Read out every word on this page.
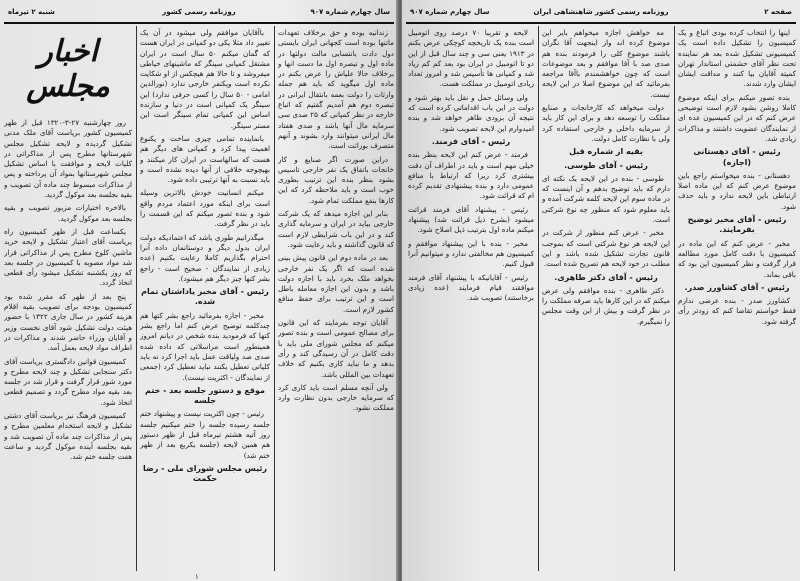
سال چهارم شماره ۹۰۷
روزنامه رسمی کشور
شنبه ۲ تیرماه
اخبار مجلس

روز چهارشنبه ۲۷-۳-۱۳۲۰ قبل از ظهر کمیسیون کشور بریاست آقای ملک مدنی تشکیل گردیده و لایحه تشکیل مجلس شهرستانها مطرح پس از مذاکراتی در کلیات لایحه و موافقت با اساس تشکیل مجلس شهرستانها بمواد آن پرداخته و پس از مذاکرات مبسوط چند ماده آن تصویب و بقیه بجلسه بعد موکول گردید.

بالاخره اختیارات مزبور تصویب و بقیه بجلسه بعد موکول گردید.

یکساعت قبل از ظهر کمیسیون راه بریاست آقای اعتبار تشکیل و لایحه خرید ماشین کلوخ مطرح پس از مذاکراتی قرار شد مواد مصوبه با کمیسیون در جلسه بعد که روز یکشنبه تشکیل میشود رأی قطعی اتخاذ گردد.

پنج بعد از ظهر که مقرر شده بود کمیسیون بودجه برای تصویب بقیه اقلام هزینه کشور در سال جاری ۱۳۲۲ با حضور هیئت دولت تشکیل شود آقای نخست وزیر و آقایان وزراء حاضر شدند و مذاکرات در اطراف مواد لایحه بعمل آمد.

کمیسیون قوانین دادگستری بریاست آقای دکتر سنجابی تشکیل و چند لایحه مطرح و مورد شور قرار گرفت و قرار شد در جلسه بعد بقیه مواد مطرح گردد و تصمیم قطعی اتخاذ شود.

کمیسیون فرهنگ نیز بریاست آقای دشتی تشکیل و لایحه استخدام معلمین مطرح و پس از مذاکرات چند ماده آن تصویب شد و بقیه بجلسه آینده موکول گردید و ساعت هفت جلسه ختم شد.

باآقایان موافقم ولی میشود در آن یک تغییر داد مثلا یکی دو کمپانی در ایران هست که گمان میکنم ۵۰ سال است در ایران مشتغل کمپانی سینگر که ماشینهای خیاطی میفروشد و تا حالا هم هیچکس از او شکایت نکرده است ویکنفر خارجی ندارد (نورالدین امامی - ۵۰ سال را کسی حرفی ندارد) این سینگر یک کمپانی است در دنیا و سازنده اساس این کمپانی تمام سینگر است این مستر سینگر.

بانماینده تمامی چیزی ساخت و یکنوع اهمیت پیدا کرد و کمپانی های دیگر هم هست که سالهاست در ایران کار میکنند و بهیچوجه خلافی از آنها دیده نشده است و باید نسبت به آنها ترتیبی داده شود.

میکنم انسانیت خودش بالاترین وسیله است برای اینکه مورد اعتماد مردم واقع شود و بنده تصور میکنم که این قسمت را باید در نظر گرفت.

میگذرانیم طوری باشد که اعتمادیکه دولت ایران بدول دیگر و دوستانمان داده آنرا احترام بگذاریم کاملا رعایت بکنیم (عده زیادی از نمایندگان - صحیح است - راجع بشر کتها چیز دیگر هم میشود).

رئیس - آقای مخبر یاداشتان تمام شده.

مخبر - اجازه بفرمائید راجع بشر کتها هم چندکلمه توضیح عرض کنم اما راجع بشر کتها که فرمودید بنده شخص در دیانم امروز همینطور است مراسلاتی که داده شده صدی صد ولیاقت عمل باید اجرا کرد نه باید کلیاتی تعطیل بکنند نباید تعطیل کرد (جمعی از نمایندگان - اکثریت نیست).

موقع و دستور جلسه بعد - ختم جلسه

رئیس - چون اکثریت نیست و پیشنهاد ختم جلسه رسیده جلسه را ختم میکنیم جلسه روز آتیه هشتم تیرماه قبل از ظهر دستور هم همین لایحه (جلسه یکربع بعد از ظهر ختم شد)

رئیس مجلس شورای ملی - رضا حکمت

زندانیه بوده و حق برخلاف تعهدات ماتنها بوده است کجهانی ایران بایستی دول دادت بانتسابی مالت دولتها در ماده اول و تبصره اول ما دست انها و برخلاف حالا علیاش را عرض بکنم در ماده اول میگوید که باید هم جمله وارثات را دولت بعمه بانتقال ایرانی در تبصره دوم هم آمدیم گفتیم که اتباع خارجه در نظر کمپانی که ۲۵ صدی سی سرمایه مال آنها باشد و صدی هفتاد مال ایرانی میتوانند وارد بشوند و آنهم متصرف بوراثت است.

دراین صورت اگر صنایع و کار خانجات باتفاق یک نفر خارجی تاسیس بشود بنظر بنده این ترتیب بطوری خوب است و باید ملاحظه کرد که این کارها بنفع مملکت تمام شود.

بنابر این اجازه میدهد که یک شرکت خارجی بیاید در ایران و سرمایه گذاری کند و در این باب شرایطی لازم است که قانون گذاشته و باید رعایت شود.

بعد در ماده دوم این قانون پیش بینی شده است که اگر یک نفر خارجی بخواهد ملک بخرد باید با اجازه دولت باشد و بدون این اجازه معامله باطل است و این ترتیب برای حفظ منافع کشور لازم است.

آقایان توجه بفرمایند که این قانون برای مصالح عمومی است و بنده تصور میکنم که مجلس شورای ملی باید با دقت کامل در آن رسیدگی کند و رأی بدهد و ما نباید کاری بکنیم که خلاف تعهدات بین المللی باشد.

ولی آنچه مسلم است باید کاری کرد که سرمایه خارجی بدون نظارت وارد مملکت نشود.

۱
سال چهارم شماره ۹۰۷	روزنامه رسمی کشور شاهنشاهی ایران	صفحه ۲

لایحه و تقریبا ۷۰ درصد روی اتومبیل است بنده یک تاریخچه کوچکی عرض بکنم در ۱۹۱۳ یعنی سی و چند سال قبل از این دو تا اتومبیل در ایران بود بعد کم کم زیاد شد و کمپانی ها تأسیس شد و امروز تعداد زیادی اتومبیل در مملکت هست.

ولی وسائل حمل و نقل باید بهتر شود و دولت در این باب اقداماتی کرده است که نتیجه آن بزودی ظاهر خواهد شد و بنده امیدوارم این لایحه تصویب شود.

رئیس - آقای فرمند.

فرمند - عرض کنم این لایحه بنظر بنده خیلی مهم است و باید در اطراف آن دقت بیشتری کرد زیرا که ارتباط با منافع عمومی دارد و بنده پیشنهادی تقدیم کرده ام که قرائت شود.

رئیس - پیشنهاد آقای فرمند قرائت میشود (بشرح ذیل قرائت شد) پیشنهاد میکنم ماده اول بترتیب ذیل اصلاح شود.

مخبر - بنده با این پیشنهاد موافقم و کمیسیون هم مخالفتی ندارد و میتوانیم آنرا قبول کنیم.

رئیس - آقایانیکه با پیشنهاد آقای فرمند موافقند قیام فرمایند (عده زیادی برخاستند) تصویب شد.

مه خواهش اجازه میخواهم بایر این موضوع کرده اند واز اینجهت آقا نگران باشند موضوع کلی را فرمودند بنده هم صدی صد با آقا موافقم و بعد موضوعات است که چون خواهشمندم باآقا مراجعه بفرمائید که این موضوع اصلا در این لایحه نیست.

دولت میخواهد که کارخانجات و صنایع مملکت را توسعه دهد و برای این کار باید از سرمایه داخلی و خارجی استفاده کرد ولی با نظارت کامل دولت.

بقیه از شماره قبل

رئیس - آقای طوسی.

طوسی - بنده در این لایحه یک نکته ای دارم که باید توضیح بدهم و آن اینست که در ماده سوم این لایحه کلمه شرکت آمده و باید معلوم شود که منظور چه نوع شرکتی است.

مخبر - عرض کنم منظور از شرکت در این لایحه هر نوع شرکتی است که بموجب قانون تجارت تشکیل شده باشد و این مطلب در خود لایحه هم تصریح شده است.

رئیس - آقای دکتر طاهری.

دکتر طاهری - بنده موافقم ولی عرض میکنم که در این کارها باید صرفه مملکت را در نظر گرفت و بیش از این وقت مجلس را نمیگیرم.

اینها را انتخاب کرده بودی اتباع و یک کمیسیون را تشکیل داده است یک کمیسیونی تشکیل شده بعد هر نماینده تحت نظر آقای حشمتی استاندار تهران کمیته آقایان بیا کنند و مداقت ایشان ایشان وارد شدند.

بنده تصور میکنم برای اینکه موضوع کاملا روشن بشود لازم است توضیحی عرض کنم که در این کمیسیون عده ای از نمایندگان عضویت داشتند و مذاکرات زیادی شد.

رئیس - آقای دهستانی (اجازه)

دهستانی - بنده میخواستم راجع باین موضوع عرض کنم که این ماده اصلا ارتباطی باین لایحه ندارد و باید حذف شود.

رئیس - آقای مخبر توضیح بفرمایند.

مخبر - عرض کنم که این ماده در کمیسیون با دقت کامل مورد مطالعه قرار گرفت و نظر کمیسیون این بود که باقی بماند.

رئیس - آقای کشاورز صدر.

کشاورز صدر - بنده عرضی ندارم فقط خواستم تقاضا کنم که زودتر رأی گرفته شود.
